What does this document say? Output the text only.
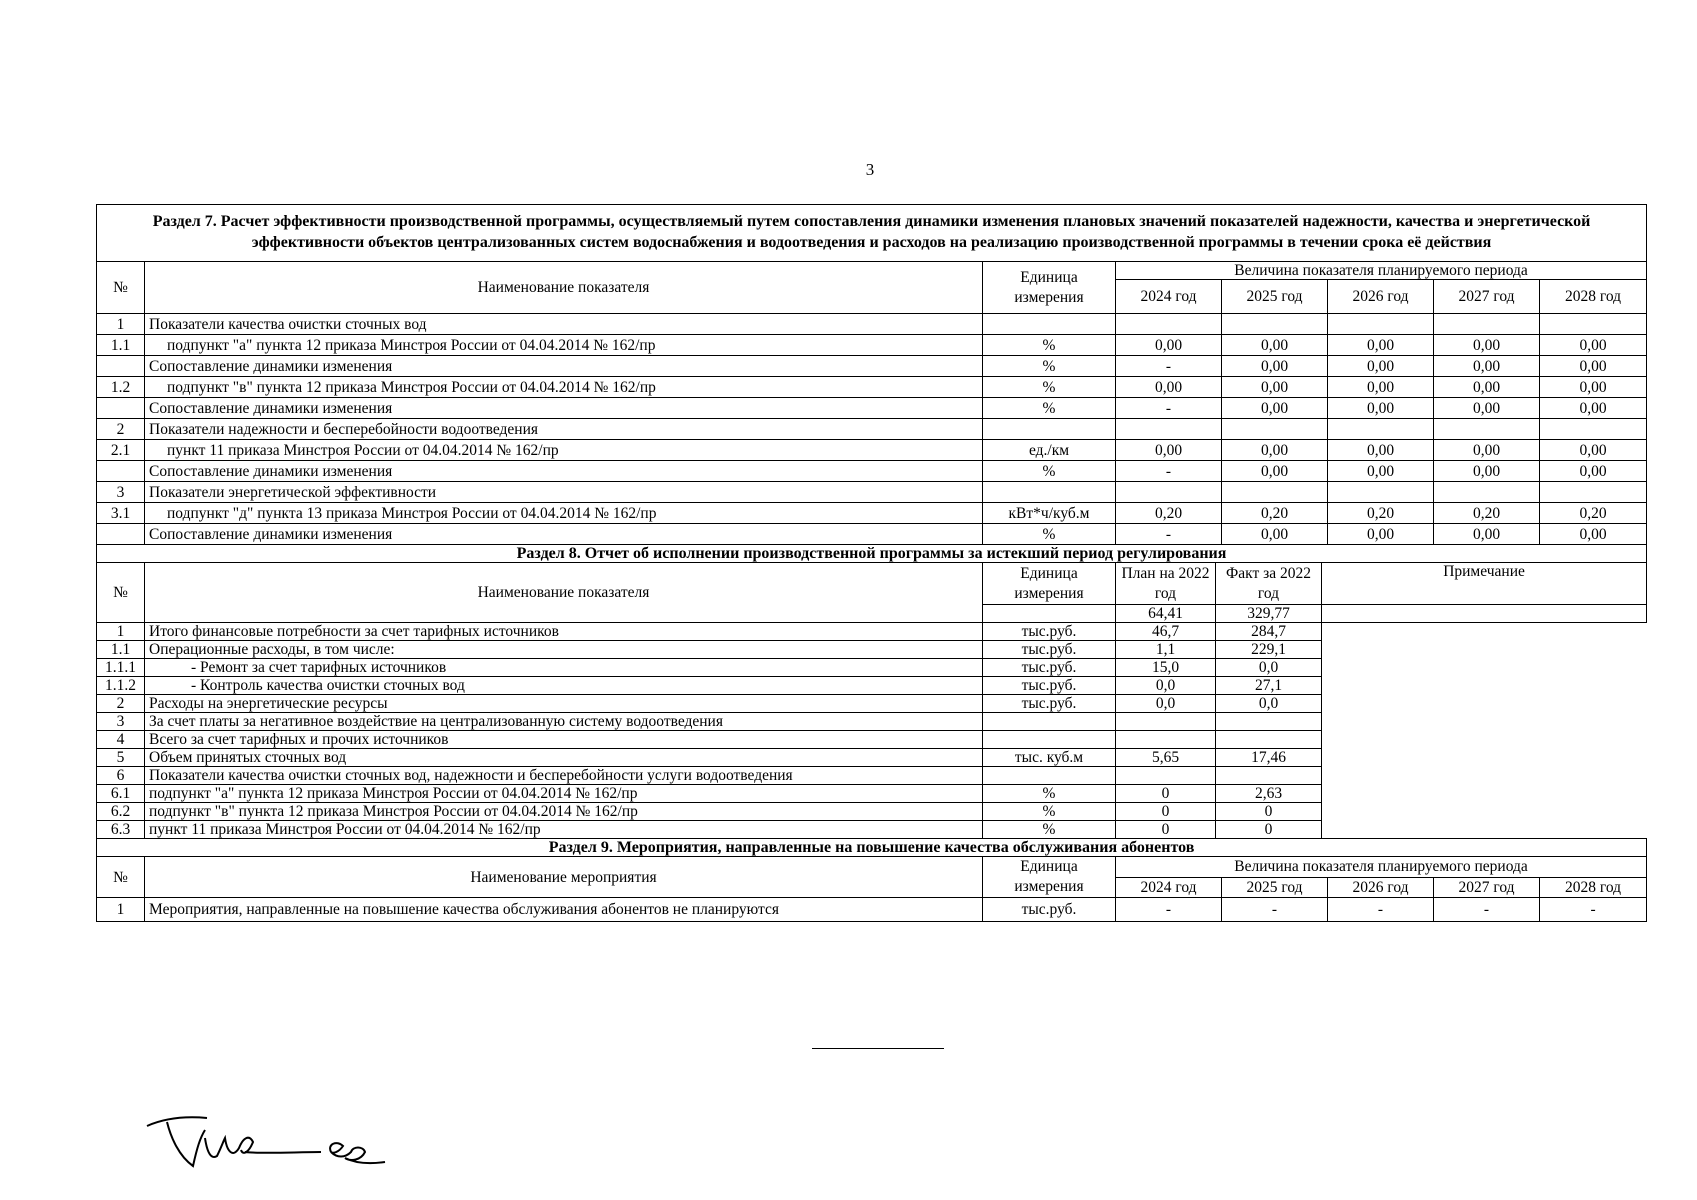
3
Раздел 7. Расчет эффективности производственной программы, осуществляемый путем сопоставления динамики изменения плановых значений показателей надежности, качества и энергетической эффективности объектов централизованных систем водоснабжения и водоотведения и расходов на реализацию производственной программы в течении срока её действия							
№	Наименование показателя	Единица измерения	Величина показателя планируемого периода				
			2024 год	2025 год	2026 год	2027 год	2028 год
1	Показатели качества очистки сточных вод						
1.1	подпункт "а" пункта 12 приказа Минстроя России от 04.04.2014 № 162/пр	%	0,00	0,00	0,00	0,00	0,00
	Сопоставление динамики изменения	%	-	0,00	0,00	0,00	0,00
1.2	подпункт "в" пункта 12 приказа Минстроя России от 04.04.2014 № 162/пр	%	0,00	0,00	0,00	0,00	0,00
	Сопоставление динамики изменения	%	-	0,00	0,00	0,00	0,00
2	Показатели надежности и бесперебойности водоотведения						
2.1	пункт 11 приказа Минстроя России от 04.04.2014 № 162/пр	ед./км	0,00	0,00	0,00	0,00	0,00
	Сопоставление динамики изменения	%	-	0,00	0,00	0,00	0,00
3	Показатели энергетической эффективности						
3.1	подпункт "д" пункта 13 приказа Минстроя России от 04.04.2014 № 162/пр	кВт*ч/куб.м	0,20	0,20	0,20	0,20	0,20
	Сопоставление динамики изменения	%	-	0,00	0,00	0,00	0,00
Раздел 8. Отчет об исполнении производственной программы за истекший период регулирования					
№	Наименование показателя	Единица измерения	План на 2022 год	Факт за 2022 год	Примечание
			64,41	329,77	
1	Итого финансовые потребности за счет тарифных источников	тыс.руб.	46,7	284,7	
1.1	Операционные расходы, в том числе:	тыс.руб.	1,1	229,1	
1.1.1	- Ремонт за счет тарифных источников	тыс.руб.	15,0	0,0	
1.1.2	- Контроль качества очистки сточных вод	тыс.руб.	0,0	27,1	
2	Расходы на энергетические ресурсы	тыс.руб.	0,0	0,0	
3	За счет платы за негативное воздействие на централизованную систему водоотведения				
4	Всего за счет тарифных и прочих источников				
5	Объем принятых сточных вод	тыс. куб.м	5,65	17,46	
6	Показатели качества очистки сточных вод, надежности и бесперебойности услуги водоотведения				
6.1	подпункт "а" пункта 12 приказа Минстроя России от 04.04.2014 № 162/пр	%	0	2,63	
6.2	подпункт "в" пункта 12 приказа Минстроя России от 04.04.2014 № 162/пр	%	0	0	
6.3	пункт 11 приказа Минстроя России от 04.04.2014 № 162/пр	%	0	0	
Раздел 9. Мероприятия, направленные на повышение качества обслуживания абонентов							
№	Наименование мероприятия	Единица измерения	Величина показателя планируемого периода				
			2024 год	2025 год	2026 год	2027 год	2028 год
1	Мероприятия, направленные на повышение качества обслуживания абонентов не планируются	тыс.руб.	-	-	-	-	-
